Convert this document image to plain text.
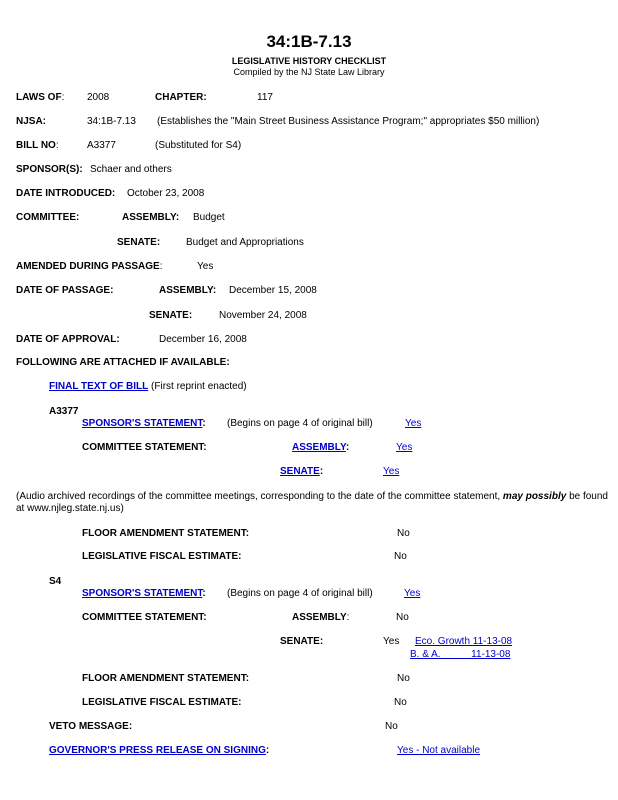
34:1B-7.13
LEGISLATIVE HISTORY CHECKLIST
Compiled by the NJ State Law Library
LAWS OF: 2008	CHAPTER:	117
NJSA:	34:1B-7.13 (Establishes the "Main Street Business Assistance Program;" appropriates $50 million)
BILL NO:	A3377	(Substituted for S4)
SPONSOR(S): Schaer and others
DATE INTRODUCED: October 23, 2008
COMMITTEE:	ASSEMBLY: Budget
SENATE:	Budget and Appropriations
AMENDED DURING PASSAGE:	Yes
DATE OF PASSAGE:	ASSEMBLY: December 15, 2008
SENATE:	November 24, 2008
DATE OF APPROVAL:	December 16, 2008
FOLLOWING ARE ATTACHED IF AVAILABLE:
FINAL TEXT OF BILL (First reprint enacted)
A3377
SPONSOR'S STATEMENT: (Begins on page 4 of original bill)	Yes
COMMITTEE STATEMENT:	ASSEMBLY:	Yes
SENATE:	Yes
(Audio archived recordings of the committee meetings, corresponding to the date of the committee statement, may possibly be found
at www.njleg.state.nj.us)
FLOOR AMENDMENT STATEMENT:	No
LEGISLATIVE FISCAL ESTIMATE:	No
S4
SPONSOR'S STATEMENT: (Begins on page 4 of original bill)	Yes
COMMITTEE STATEMENT:	ASSEMBLY:	No
SENATE:	Yes Eco. Growth 11-13-08
B. & A.           11-13-08
FLOOR AMENDMENT STATEMENT:	No
LEGISLATIVE FISCAL ESTIMATE:	No
VETO MESSAGE:	No
GOVERNOR'S PRESS RELEASE ON SIGNING:	Yes - Not available
